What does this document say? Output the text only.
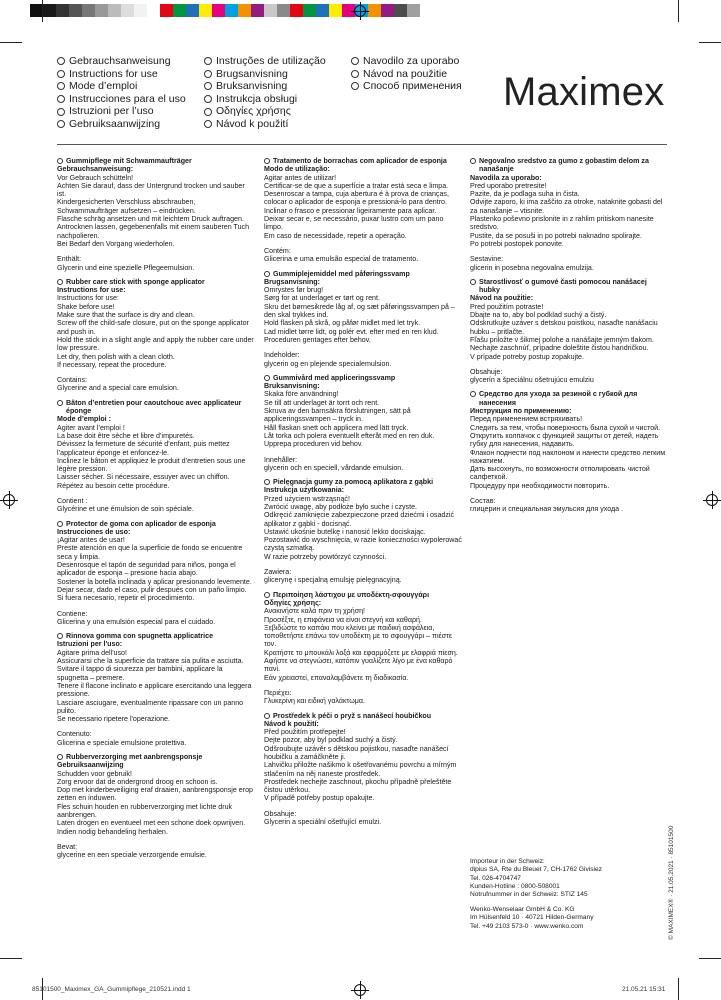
Gebrauchsanweisung
Instructions for use
Mode d’emploi
Instrucciones para el uso
Istruzioni per l’uso
Gebruiksaanwijzing
Instruções de utilização
Brugsanvisning
Bruksanvisning
Instrukcja obsługi
Οδηγίες χρήσης
Návod k použití
Navodilo za uporabo
Návod na použitie
Способ применения Maximex
Gummipflege mit Schwammaufträger
Gebrauchsanweisung:
Vor Gebrauch schütteln!
Achten Sie darauf, dass der Untergrund trocken und sauber ist.
Kindergesicherten Verschluss abschrauben, Schwammaufträger aufsetzen – eindrücken.
Flasche schräg ansetzen und mit leichtem Druck auftragen.
Antrocknen lassen, gegebenenfalls mit einem sauberen Tuch nachpolieren.
Bei Bedarf den Vorgang wiederholen.
Enthält:
Glycerin und eine spezielle Pflegeemulsion.
Rubber care stick with sponge applicator
Instructions for use:
Instructions for use:
Shake before use!
Make sure that the surface is dry and clean.
Screw off the child-safe closure, put on the sponge applicator and push in.
Hold the stick in a slight angle and apply the rubber care under low pressure.
Let dry, then polish with a clean cloth.
If necessary, repeat the procedure.
Contains:
Glycerine and a special care emulsion.
Bâton d’entretien pour caoutchouc avec applicateur éponge
Mode d’emploi :
Agiter avant l’emploi !
La base doit être sèche et libre d’impuretés.
Dévissez la fermeture de sécurité d’enfant, puis mettez l’applicateur éponge et enfoncez-le.
Inclinez le bâton et appliquez le produit d’entretien sous une légère pression.
Laisser sécher. Si nécessaire, essuyer avec un chiffon. Répétez au besoin cette procédure.
Contient :
Glycérine et une émulsion de soin spéciale.
Protector de goma con aplicador de esponja
Instrucciones de uso:
¡Agitar antes de usar!
Preste atención en que la superficie de fondo se encuentre seca y limpia.
Desenrosque el tapón de seguridad para niños, ponga el aplicador de esponja – presione hacia abajo.
Sostener la botella inclinada y aplicar presionando levemente.
Dejar secar, dado el caso, pulir después con un paño limpio.
Si fuera necesario, repetir el procedimiento.
Contiene:
Glicerina y una emulsión especial para el cuidado.
Rinnova gomma con spugnetta applicatrice
Istruzioni per l'uso:
Agitare prima dell'uso!
Assicurarsi che la superficie da trattare sia pulita e asciutta.
Svitare il tappo di sicurezza per bambini, applicare la spugnetta – premere.
Tenere il flacone inclinato e applicare esercitando una leggera pressione.
Lasciare asciugare, eventualmente ripassare con un panno pulito.
Se necessario ripetere l'operazione.
Contenuto:
Glicerina e speciale emulsione protettiva.
Rubberverzorging met aanbrengsponsje
Gebruiksaanwijzing
Schudden voor gebruik!
Zorg ervoor dat de ondergrond droog en schoon is.
Dop met kinderbeveiliging eraf draaien, aanbrengsponsje erop zetten en induwen.
Fles schuin houden en rubberverzorging met lichte druk aanbrengen.
Laten drogen en eventueel met een schone doek opwrijven.
Indien nodig behandeling herhalen.
Bevat:
glycerine en een speciale verzorgende emulsie.
Tratamento de borrachas com aplicador de esponja
Modo de utilização:
Agitar antes de utilizar!
Certificar-se de que a superfície a tratar está seca e limpa.
Desenroscar a tampa, cuja abertura é à prova de crianças, colocar o aplicador de esponja e pressioná-lo para dentro.
Inclinar o frasco e pressionar ligeiramente para aplicar.
Deixar secar e, se necessário, puxar lustro com um pano limpo.
Em caso de necessidade, repetir a operação.
Contém:
Glicerina e uma emulsão especial de tratamento.
Gummiplejemiddel med påføringssvamp
Brugsanvisning:
Omrystes før brug!
Sørg for at underlaget er tørt og rent.
Skru det børnesikrede låg af, og sæt påføringssvampen på – den skal trykkes ind.
Hold flasken på skrå, og påfør midlet med let tryk.
Lad midlet tørre lidt, og polér evt. efter med en ren klud.
Proceduren gentages efter behov.
Indeholder:
glycerin og en plejende specialemulsion.
Gummivård med appliceringssvamp
Bruksanvisning:
Skaka före användning!
Se till att underlaget är torrt och rent.
Skruva av den barnsäkra förslutningen, sätt på appliceringssvampen – tryck in.
Håll flaskan snett och applicera med lätt tryck.
Låt torka och polera eventuellt efteråt med en ren duk.
Upprepa proceduren vid behov.
Innehåller:
glycerin och en speciell, vårdande emulsion.
Pielęgnacja gumy za pomocą aplikatora z gąbki
Instrukcja użytkowania:
Przed użyciem wstrząsnąć!
Zwrócić uwagę, aby podłoże było suche i czyste.
Odkręcić zamknięcie zabezpieczone przed dziećmi i osadzić aplikator z gąbki - docisnąć.
Ustawić ukośnie butelkę i nanosić lekko dociskając.
Pozostawić do wyschnięcia, w razie konieczności wypolerować czystą szmatką.
W razie potrzeby powtórzyć czynności.
Zawiera:
glicerynę i specjalną emulsję pielęgnacyjną.
Περιποίηση λάστιχου με υποδέκτη-σφουγγάρι
Οδηγίες χρήσης:
Ανακινήστε καλά πριν τη χρήση!
Προσέξτε, η επιφάνεια να είναι στεγνή και καθαρή.
Ξεβιδώστε το καπάκι που κλείνει με παιδική ασφάλεια, τοποθετήστε επάνω τον υποδέκτη με το σφουγγάρι – πιέστε τον.
Κρατήστε το μπουκάλι λοξά και εφαρμόζετε με ελαφριά πίεση.
Αφήστε να στεγνώσει, κατόπιν γυαλίζετε λίγο με ένα καθαρό πανί.
Εάν χρειαστεί, επαναλαμβάνετε τη διαδικασία.
Περιέχει:
Γλυκερίνη και ειδική γαλάκτωμα.
Prostředek k péči o pryž s nanášecí houbičkou
Návod k použití:
Před použitím protřepejte!
Dejte pozor, aby byl podklad suchý a čistý.
Odšroubujte uzávěr s dětskou pojistkou, nasaďte nanášecí houbičku a zamáčkněte ji.
Lahvičku přiložte našikmo k ošetřovanému povrchu a mírným stlačením na něj naneste prostředek.
Prostředek nechejte zaschnout, pkochu případně přeleštěte čistou utěrkou.
V případě potřeby postup opakujte.
Obsahuje:
Glycerin a speciální ošetřující emulzi.
Negovalno sredstvo za gumo z gobastim delom za nanašanje
Navodila za uporabo:
Pred uporabo pretresite!
Pazite, da je podlaga suha in čista.
Odvijte zaporo, ki ima zaščito za otroke, nataknite gobasti del za nanašanje – vtisnite.
Plastenko poševno prislonite in z rahlim pritiskom nanesite sredstvo.
Pustite, da se posuši in po potrebi naknadno spolirajte.
Po potrebi postopek ponovite.
Sestavine:
glicerin in posebna negovalna emulzija.
Starostlivosť o gumové časti pomocou nanášacej hubky
Návod na použitie:
Pred použitím potraste!
Dbajte na to, aby bol podklad suchý a čistý.
Odskrutkujte uzáver s detskou poistkou, nasaďte nanášaciu hubku – pritlačte.
Fľašu priložte v šikmej polohe a nanášajte jemným tlakom.
Nechajte zaschnúť, prípadne doleštite čistou handričkou.
V prípade potreby postup zopakujte.
Obsahuje:
glycerín a špeciálnu ošetrujúcu emulziu
Средство для ухода за резиной с губкой для нанесения
Инструкция по применению:
Перед применением встряхивать!
Следить за тем, чтобы поверхность была сухой и чистой.
Открутить колпачок с функцией защиты от детей, надеть губку для нанесения, надавить.
Флакон поднести под наклоном и нанести средство легким нажатием.
Дать высохнуть, по возможности отполировать чистой салфеткой.
Процедуру при необходимости повторить.
Состав:
глицерин и специальная эмульсия для ухода .
Importeur in der Schweiz:
dipius SA, Rte du Bleuet 7, CH-1762 Givisiez
Tel. 026-4704747
Kunden-Hotline : 0800-508001
Notrufnummer in der Schweiz: STIZ 145
Wenko-Wenselaar GmbH & Co. KG
Im Hülsenfeld 10 · 40721 Hilden-Germany
Tel. +49 2103 573-0 · www.wenko.com	© MAXIMEX® · 21.05.2021 · 85101500
85101500_Maximex_GA_Gummipflege_210521.indd 1	21.05.21 15:31
